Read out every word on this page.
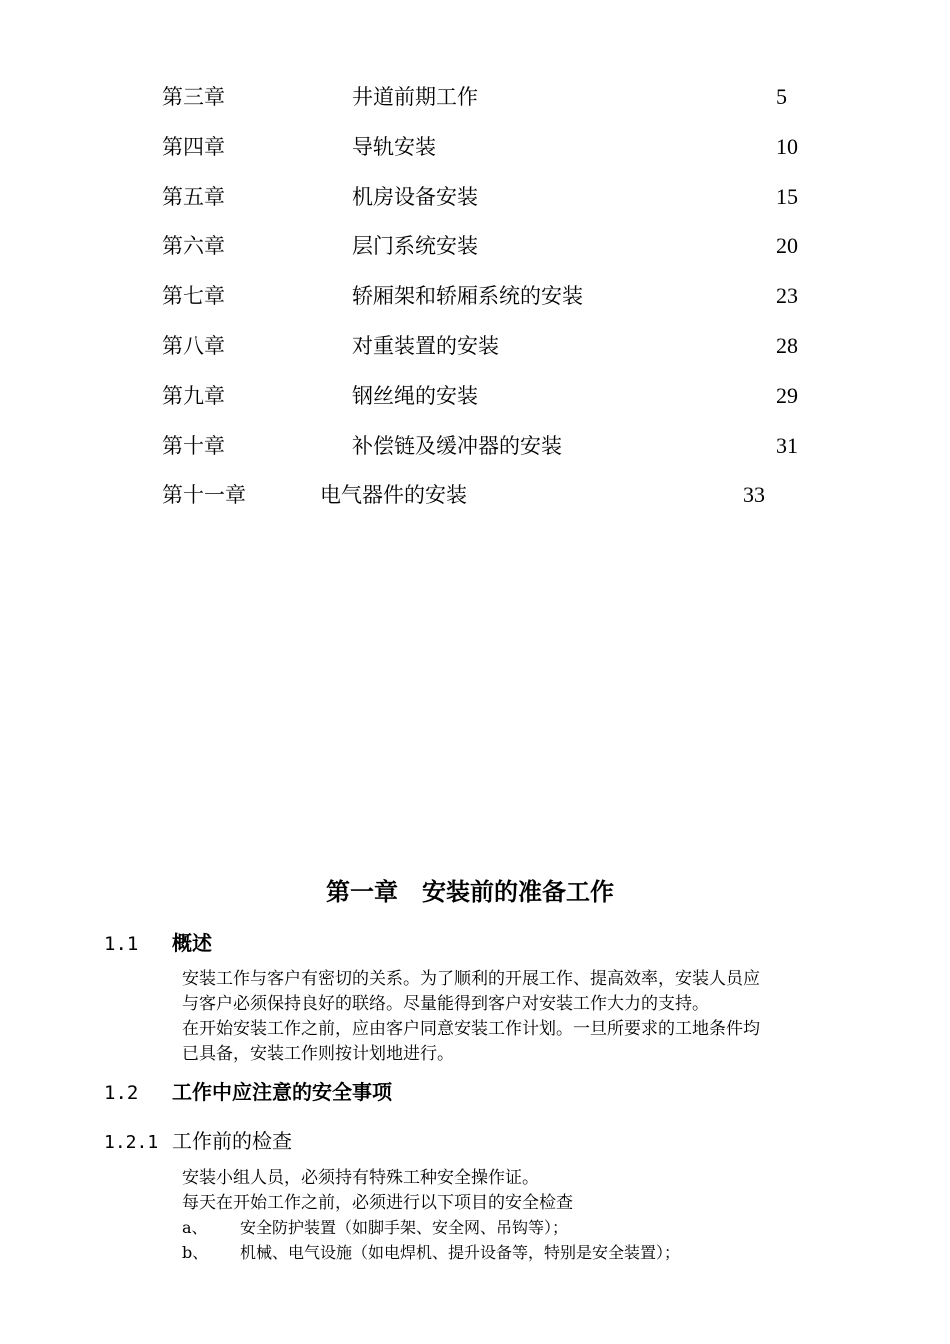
第三章	井道前期工作	5
第四章	导轨安装	10
第五章	机房设备安装	15
第六章	层门系统安装	20
第七章	轿厢架和轿厢系统的安装	23
第八章	对重装置的安装	28
第九章	钢丝绳的安装	29
第十章	补偿链及缓冲器的安装	31
第十一章	电气器件的安装	33
第一章　安装前的准备工作
1.1 概述
安装工作与客户有密切的关系。为了顺利的开展工作、提高效率，安装人员应
与客户必须保持良好的联络。尽量能得到客户对安装工作大力的支持。
在开始安装工作之前，应由客户同意安装工作计划。一旦所要求的工地条件均
已具备，安装工作则按计划地进行。
1.2 工作中应注意的安全事项
1.2.1 工作前的检查
安装小组人员，必须持有特殊工种安全操作证。
每天在开始工作之前，必须进行以下项目的安全检查
a、 安全防护装置（如脚手架、安全网、吊钩等）；
b、 机械、电气设施（如电焊机、提升设备等，特别是安全装置）；
